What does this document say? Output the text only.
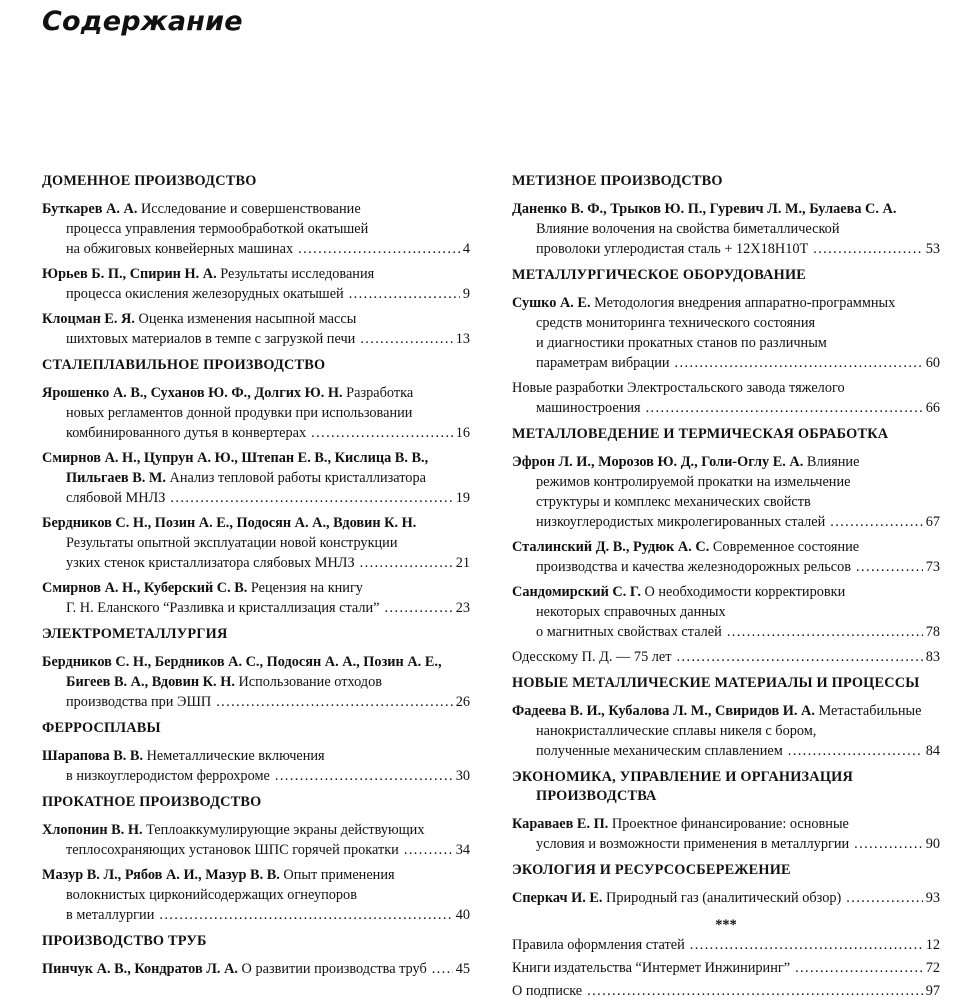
Содержание
ДОМЕННОЕ ПРОИЗВОДСТВО
Буткарев А. А. Исследование и совершенствование
процесса управления термообработкой окатышей
на обжиговых конвейерных машинах .....	4
Юрьев Б. П., Спирин Н. А. Результаты исследования
процесса окисления железорудных окатышей .....	9
Клоцман Е. Я. Оценка изменения насыпной массы
шихтовых материалов в темпе с загрузкой печи .....	13
СТАЛЕПЛАВИЛЬНОЕ ПРОИЗВОДСТВО
Ярошенко А. В., Суханов Ю. Ф., Долгих Ю. Н. Разработка
новых регламентов донной продувки при использовании
комбинированного дутья в конвертерах .....	16
Смирнов А. Н., Цупрун А. Ю., Штепан Е. В., Кислица В. В.,
Пильгаев В. М. Анализ тепловой работы кристаллизатора
слябовой МНЛЗ .....	19
Бердников С. Н., Позин А. Е., Подосян А. А., Вдовин К. Н.
Результаты опытной эксплуатации новой конструкции
узких стенок кристаллизатора слябовых МНЛЗ .....	21
Смирнов А. Н., Куберский С. В. Рецензия на книгу
Г. Н. Еланского “Разливка и кристаллизация стали” .....	23
ЭЛЕКТРОМЕТАЛЛУРГИЯ
Бердников С. Н., Бердников А. С., Подосян А. А., Позин А. Е.,
Бигеев В. А., Вдовин К. Н. Использование отходов
производства при ЭШП .....	26
ФЕРРОСПЛАВЫ
Шарапова В. В. Неметаллические включения
в низкоуглеродистом феррохроме .....	30
ПРОКАТНОЕ ПРОИЗВОДСТВО
Хлопонин В. Н. Теплоаккумулирующие экраны действующих
теплосохраняющих установок ШПС горячей прокатки .....	34
Мазур В. Л., Рябов А. И., Мазур В. В. Опыт применения
волокнистых цирконийсодержащих огнеупоров
в металлургии .....	40
ПРОИЗВОДСТВО ТРУБ
Пинчук А. В., Кондратов Л. А. О развитии производства труб ..... 45
МЕТИЗНОЕ ПРОИЗВОДСТВО
Даненко В. Ф., Трыков Ю. П., Гуревич Л. М., Булаева С. А.
Влияние волочения на свойства биметаллической
проволоки углеродистая сталь + 12Х18Н10Т .....	53
МЕТАЛЛУРГИЧЕСКОЕ ОБОРУДОВАНИЕ
Сушко А. Е. Методология внедрения аппаратно-программных
средств мониторинга технического состояния
и диагностики прокатных станов по различным
параметрам вибрации .....	60
Новые разработки Электростальского завода тяжелого
машиностроения .....	66
МЕТАЛЛОВЕДЕНИЕ И ТЕРМИЧЕСКАЯ ОБРАБОТКА
Эфрон Л. И., Морозов Ю. Д., Голи-Оглу Е. А. Влияние
режимов контролируемой прокатки на измельчение
структуры и комплекс механических свойств
низкоуглеродистых микролегированных сталей .....	67
Сталинский Д. В., Рудюк А. С. Современное состояние
производства и качества железнодорожных рельсов .....	73
Сандомирский С. Г. О необходимости корректировки
некоторых справочных данных
о магнитных свойствах сталей .....	78
Одесскому П. Д. — 75 лет .....	83
НОВЫЕ МЕТАЛЛИЧЕСКИЕ МАТЕРИАЛЫ И ПРОЦЕССЫ
Фадеева В. И., Кубалова Л. М., Свиридов И. А. Метастабильные
нанокристаллические сплавы никеля с бором,
полученные механическим сплавлением .....	84
ЭКОНОМИКА, УПРАВЛЕНИЕ И ОРГАНИЗАЦИЯ
ПРОИЗВОДСТВА
Караваев Е. П. Проектное финансирование: основные
условия и возможности применения в металлургии .....	90
ЭКОЛОГИЯ И РЕСУРСОСБЕРЕЖЕНИЕ
Сперкач И. Е. Природный газ (аналитический обзор) .....	93
***
Правила оформления статей .....	12
Книги издательства “Интермет Инжиниринг” .....	72
О подписке .....	97
